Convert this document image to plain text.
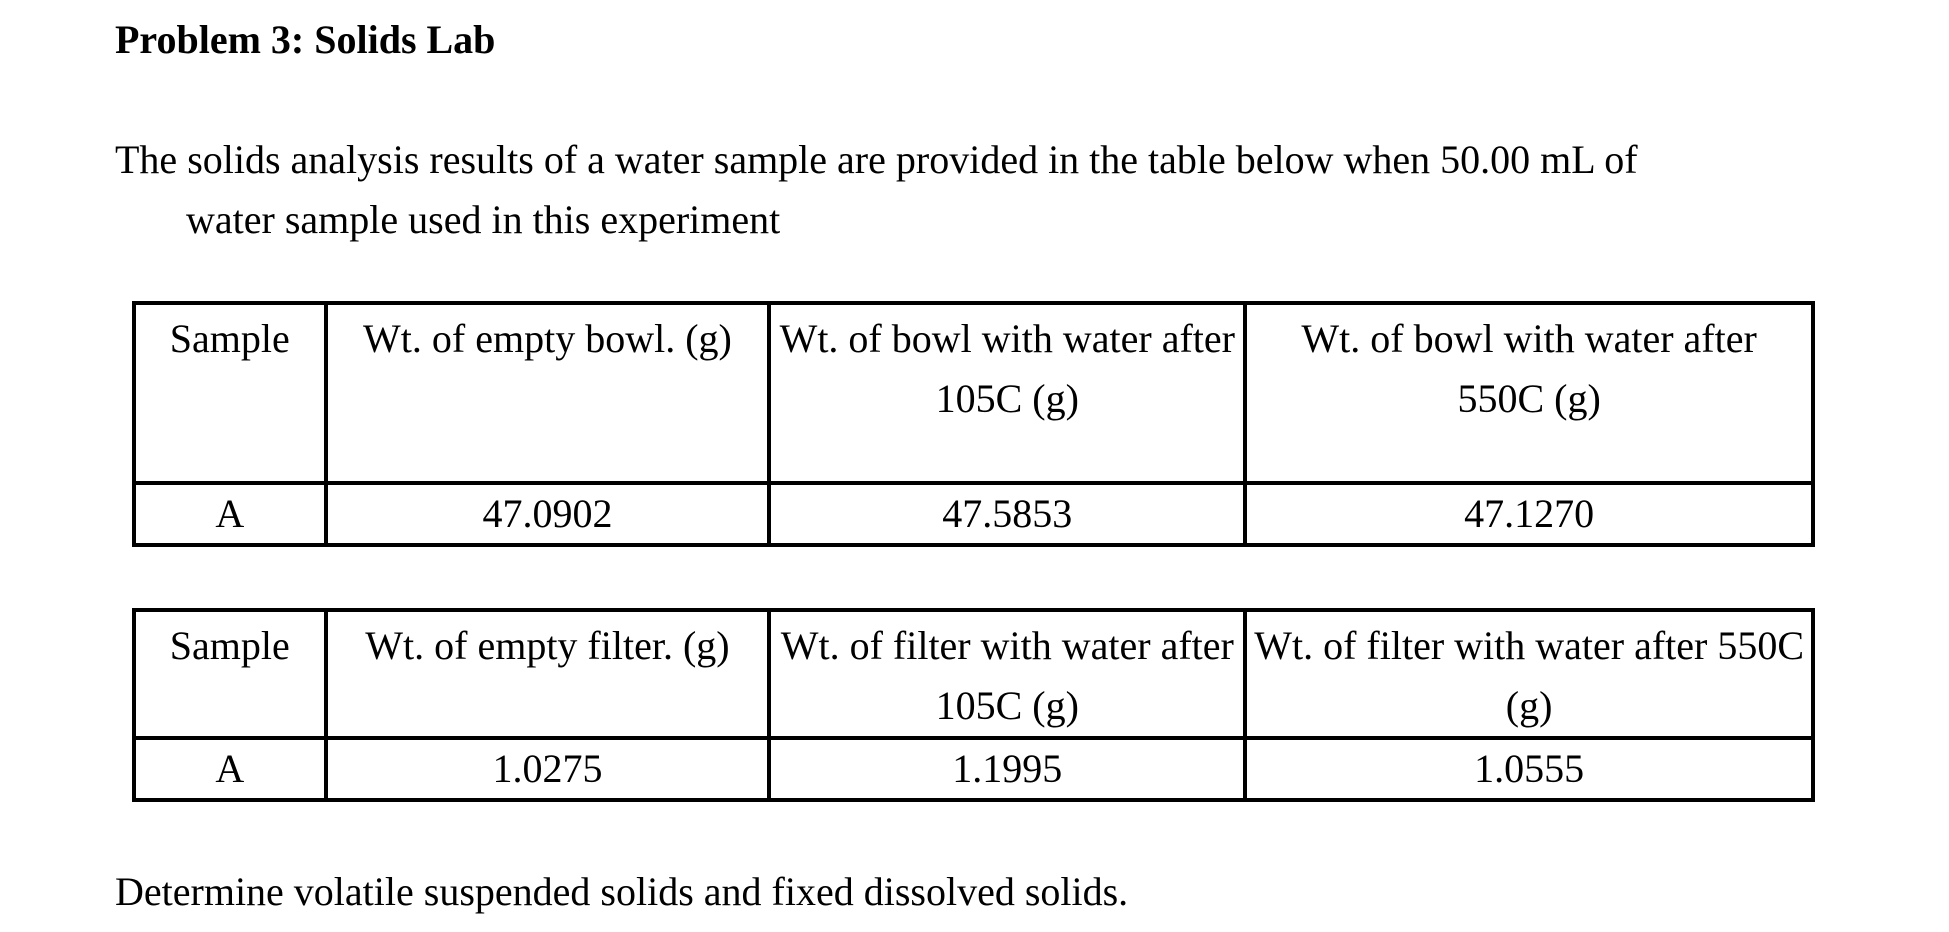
Problem 3: Solids Lab
The solids analysis results of a water sample are provided in the table below when 50.00 mL of
water sample used in this experiment
Sample	Wt. of empty bowl. (g)	Wt. of bowl with water after 105C (g)	Wt. of bowl with water after 550C (g)
A	47.0902	47.5853	47.1270
Sample	Wt. of empty filter. (g)	Wt. of filter with water after 105C (g)	Wt. of filter with water after 550C (g)
A	1.0275	1.1995	1.0555
Determine volatile suspended solids and fixed dissolved solids.
